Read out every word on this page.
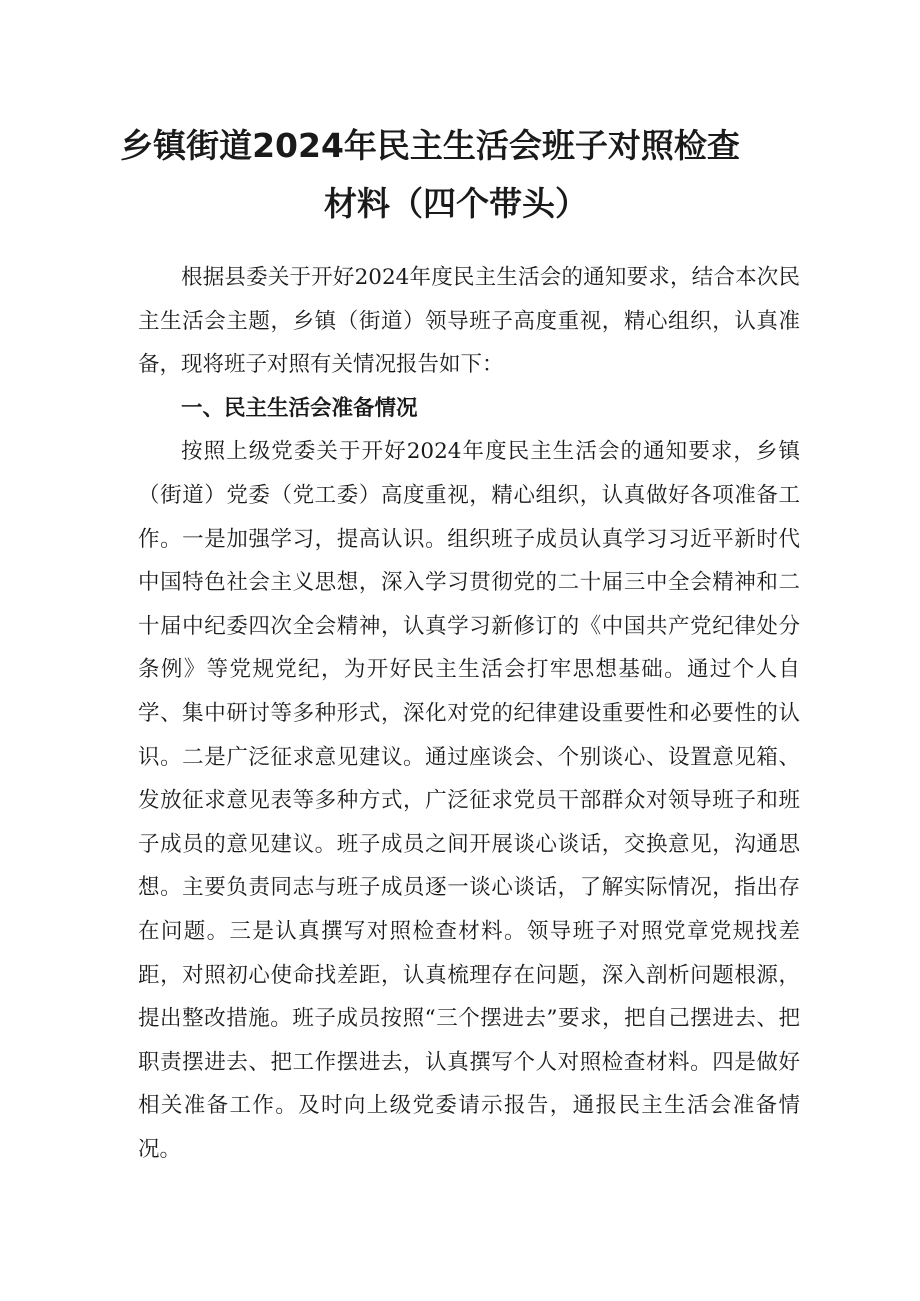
乡镇街道2024年民主生活会班子对照检查
材料（四个带头）

根据县委关于开好2024年度民主生活会的通知要求，结合本次民主生活会主题，乡镇（街道）领导班子高度重视，精心组织，认真准备，现将班子对照有关情况报告如下：

一、民主生活会准备情况

按照上级党委关于开好2024年度民主生活会的通知要求，乡镇（街道）党委（党工委）高度重视，精心组织，认真做好各项准备工作。一是加强学习，提高认识。组织班子成员认真学习习近平新时代中国特色社会主义思想，深入学习贯彻党的二十届三中全会精神和二十届中纪委四次全会精神，认真学习新修订的《中国共产党纪律处分条例》等党规党纪，为开好民主生活会打牢思想基础。通过个人自学、集中研讨等多种形式，深化对党的纪律建设重要性和必要性的认识。二是广泛征求意见建议。通过座谈会、个别谈心、设置意见箱、发放征求意见表等多种方式，广泛征求党员干部群众对领导班子和班子成员的意见建议。班子成员之间开展谈心谈话，交换意见，沟通思想。主要负责同志与班子成员逐一谈心谈话，了解实际情况，指出存在问题。三是认真撰写对照检查材料。领导班子对照党章党规找差距，对照初心使命找差距，认真梳理存在问题，深入剖析问题根源，提出整改措施。班子成员按照“三个摆进去”要求，把自己摆进去、把职责摆进去、把工作摆进去，认真撰写个人对照检查材料。四是做好相关准备工作。及时向上级党委请示报告，通报民主生活会准备情况。
